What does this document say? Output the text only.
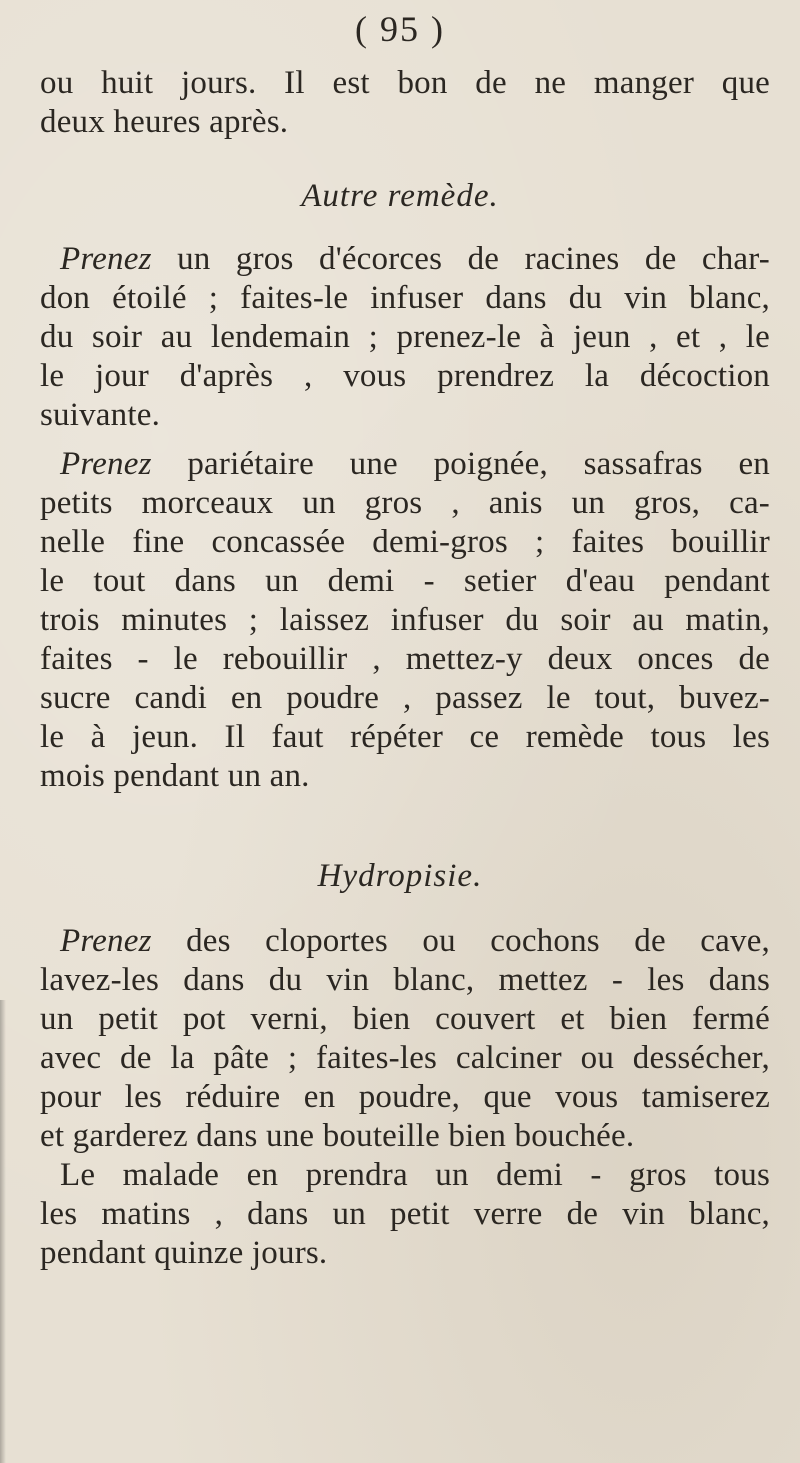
( 95 )
ou huit jours. Il est bon de ne manger que
deux heures après.
Autre remède.
Prenez un gros d'écorces de racines de char-
don étoilé ; faites-le infuser dans du vin blanc,
du soir au lendemain ; prenez-le à jeun , et , le
le jour d'après , vous prendrez la décoction
suivante.
Prenez pariétaire une poignée, sassafras en
petits morceaux un gros , anis un gros, ca-
nelle fine concassée demi-gros ; faites bouillir
le tout dans un demi - setier d'eau pendant
trois minutes ; laissez infuser du soir au matin,
faites - le rebouillir , mettez-y deux onces de
sucre candi en poudre , passez le tout, buvez-
le à jeun. Il faut répéter ce remède tous les
mois pendant un an.
Hydropisie.
Prenez des cloportes ou cochons de cave,
lavez-les dans du vin blanc, mettez - les dans
un petit pot verni, bien couvert et bien fermé
avec de la pâte ; faites-les calciner ou dessécher,
pour les réduire en poudre, que vous tamiserez
et garderez dans une bouteille bien bouchée.
Le malade en prendra un demi - gros tous
les matins , dans un petit verre de vin blanc,
pendant quinze jours.
